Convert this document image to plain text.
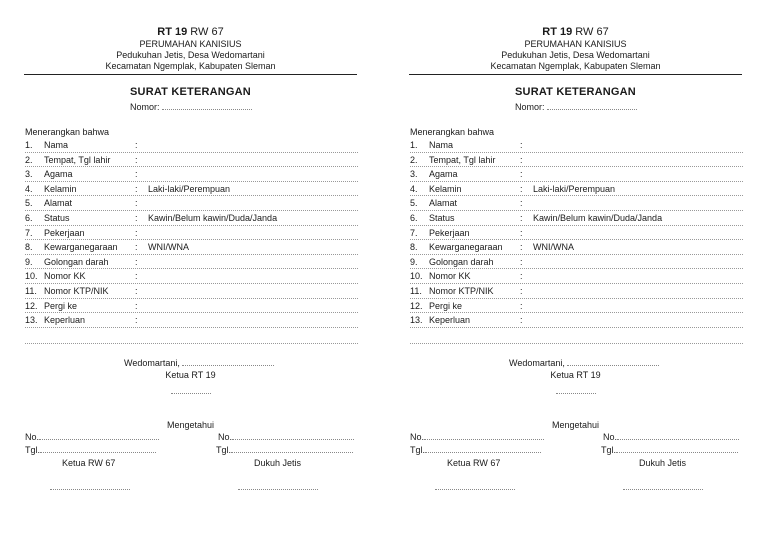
RT 19 RW 67
PERUMAHAN KANISIUS
Pedukuhan Jetis, Desa Wedomartani
Kecamatan Ngemplak, Kabupaten Sleman
SURAT KETERANGAN
Nomor:
Menerangkan bahwa
1. Nama	:
2. Tempat, Tgl lahir	:
3. Agama	:
4. Kelamin	: Laki-laki/Perempuan
5. Alamat	:
6. Status	: Kawin/Belum kawin/Duda/Janda
7. Pekerjaan	:
8. Kewarganegaraan : WNI/WNA
9. Golongan darah	:
10. Nomor KK	:
11. Nomor KTP/NIK	:
12. Pergi ke	:
13. Keperluan	:
Wedomartani,
Ketua RT 19
Mengetahui
No.
Tgl.
No.
Tgl.
Ketua RW 67	Dukuh Jetis
RT 19 RW 67
PERUMAHAN KANISIUS
Pedukuhan Jetis, Desa Wedomartani
Kecamatan Ngemplak, Kabupaten Sleman
SURAT KETERANGAN
Nomor:
Menerangkan bahwa
1. Nama	:
2. Tempat, Tgl lahir	:
3. Agama	:
4. Kelamin	: Laki-laki/Perempuan
5. Alamat	:
6. Status	: Kawin/Belum kawin/Duda/Janda
7. Pekerjaan	:
8. Kewarganegaraan : WNI/WNA
9. Golongan darah	:
10. Nomor KK	:
11. Nomor KTP/NIK	:
12. Pergi ke	:
13. Keperluan	:
Wedomartani,
Ketua RT 19
Mengetahui
No.
Tgl.
No.
Tgl.
Ketua RW 67	Dukuh Jetis
